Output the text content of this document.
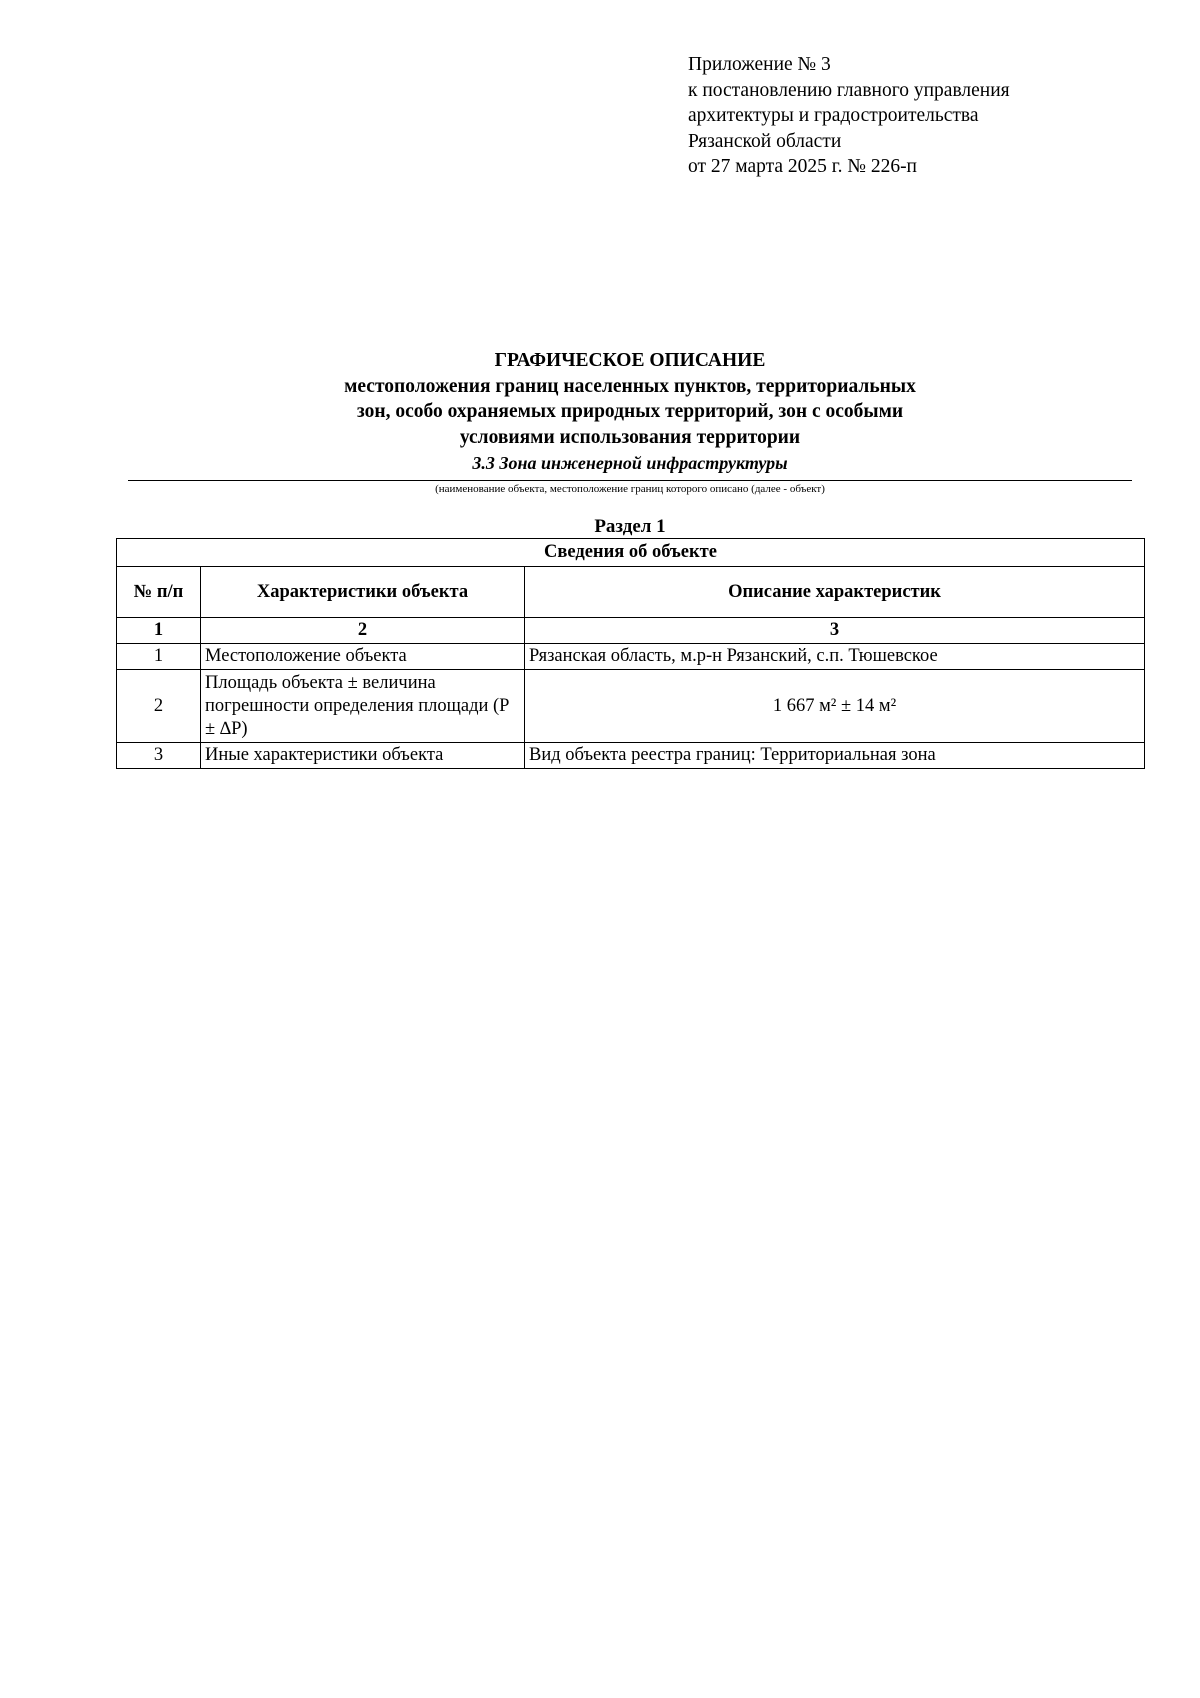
Приложение № 3
к постановлению главного управления
архитектуры и градостроительства
Рязанской области
от 27 марта 2025 г. № 226-п
ГРАФИЧЕСКОЕ ОПИСАНИЕ
местоположения границ населенных пунктов, территориальных
зон, особо охраняемых природных территорий, зон с особыми
условиями использования территории
3.3 Зона инженерной инфраструктуры
(наименование объекта, местоположение границ которого описано (далее - объект)
Раздел 1
Сведения об объекте		
№ п/п	Характеристики объекта	Описание характеристик
1	2	3
1	Местоположение объекта	Рязанская область, м.р-н Рязанский, с.п. Тюшевское
2	Площадь объекта ± величина погрешности определения площади (Р ± ∆Р)	1 667 м² ± 14 м²
3	Иные характеристики объекта	Вид объекта реестра границ: Территориальная зона
